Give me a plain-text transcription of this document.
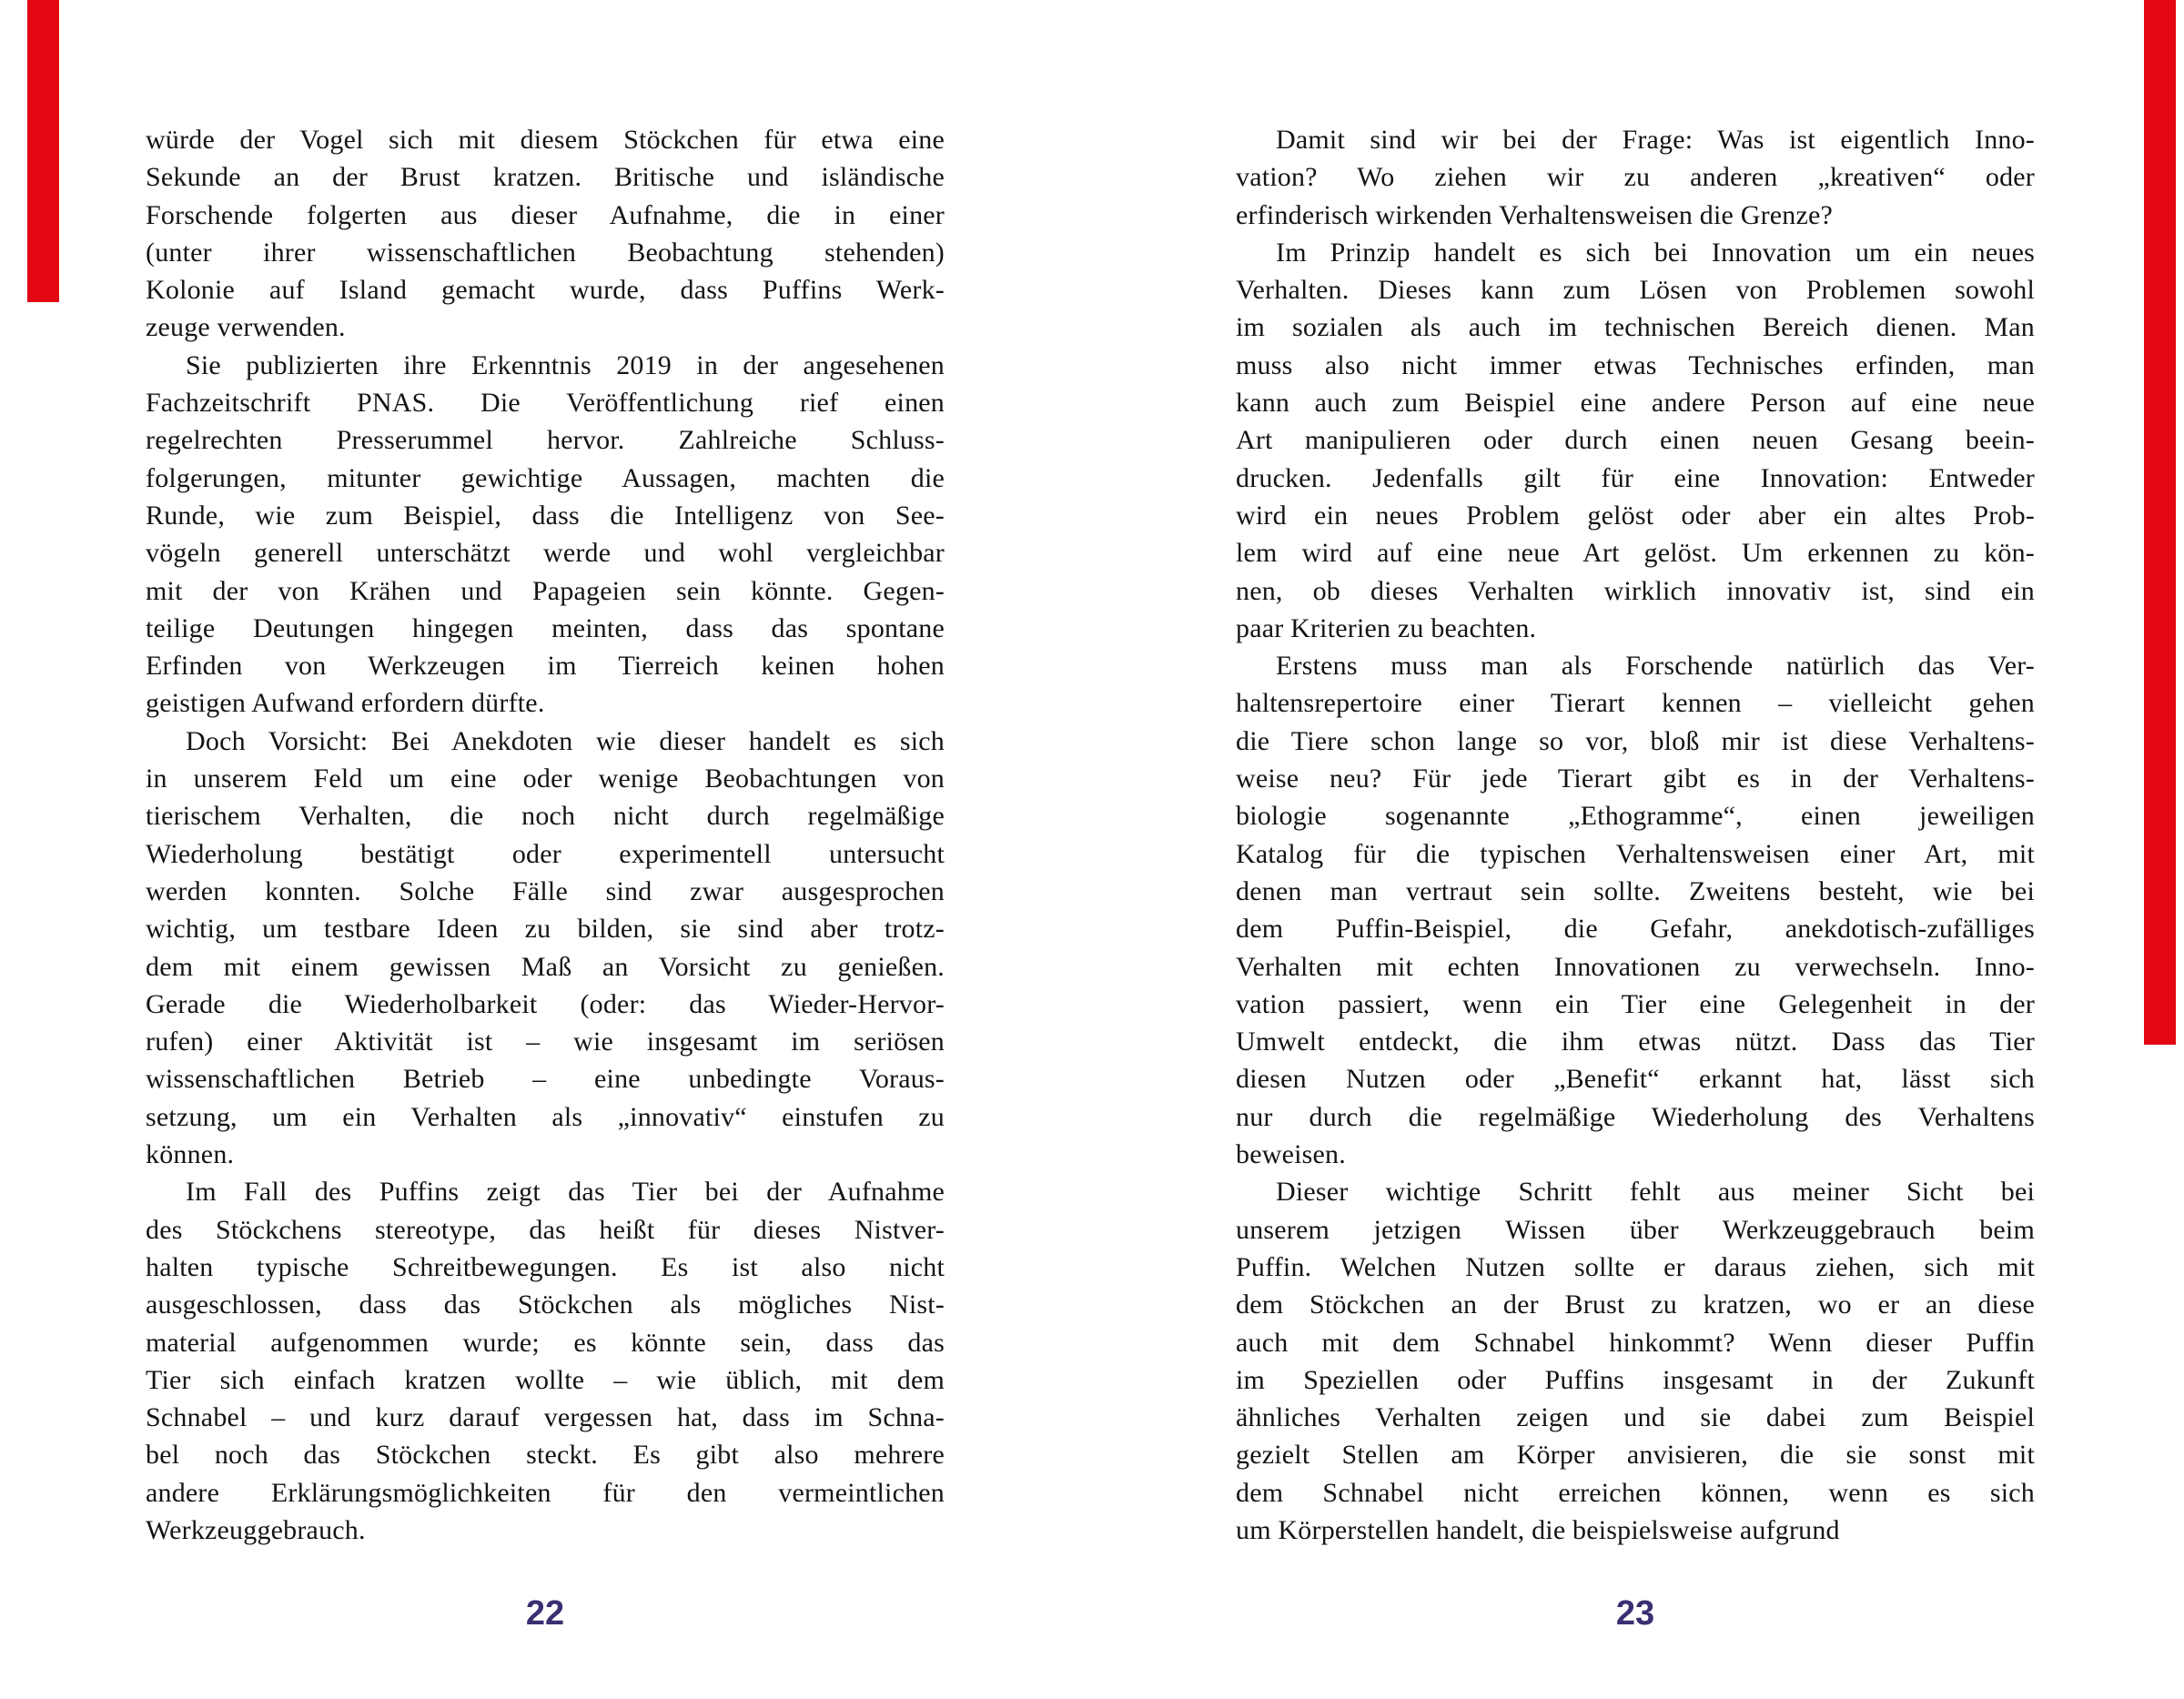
würde der Vogel sich mit diesem Stöckchen für etwa eine
Sekunde an der Brust kratzen. Britische und isländische
Forschende folgerten aus dieser Aufnahme, die in einer
(unter ihrer wissenschaftlichen Beobachtung stehenden)
Kolonie auf Island gemacht wurde, dass Puffins Werk-
zeuge verwenden.
Sie publizierten ihre Erkenntnis 2019 in der angesehenen
Fachzeitschrift PNAS. Die Veröffentlichung rief einen
regelrechten Presserummel hervor. Zahlreiche Schluss-
folgerungen, mitunter gewichtige Aussagen, machten die
Runde, wie zum Beispiel, dass die Intelligenz von See-
vögeln generell unterschätzt werde und wohl vergleichbar
mit der von Krähen und Papageien sein könnte. Gegen-
teilige Deutungen hingegen meinten, dass das spontane
Erfinden von Werkzeugen im Tierreich keinen hohen
geistigen Aufwand erfordern dürfte.
Doch Vorsicht: Bei Anekdoten wie dieser handelt es sich
in unserem Feld um eine oder wenige Beobachtungen von
tierischem Verhalten, die noch nicht durch regelmäßige
Wiederholung bestätigt oder experimentell untersucht
werden konnten. Solche Fälle sind zwar ausgesprochen
wichtig, um testbare Ideen zu bilden, sie sind aber trotz-
dem mit einem gewissen Maß an Vorsicht zu genießen.
Gerade die Wiederholbarkeit (oder: das Wieder-Hervor-
rufen) einer Aktivität ist – wie insgesamt im seriösen
wissenschaftlichen Betrieb – eine unbedingte Voraus-
setzung, um ein Verhalten als „innovativ“ einstufen zu
können.
Im Fall des Puffins zeigt das Tier bei der Aufnahme
des Stöckchens stereotype, das heißt für dieses Nistver-
halten typische Schreitbewegungen. Es ist also nicht
ausgeschlossen, dass das Stöckchen als mögliches Nist-
material aufgenommen wurde; es könnte sein, dass das
Tier sich einfach kratzen wollte – wie üblich, mit dem
Schnabel – und kurz darauf vergessen hat, dass im Schna-
bel noch das Stöckchen steckt. Es gibt also mehrere
andere Erklärungsmöglichkeiten für den vermeintlichen
Werkzeuggebrauch.
Damit sind wir bei der Frage: Was ist eigentlich Inno-
vation? Wo ziehen wir zu anderen „kreativen“ oder
erfinderisch wirkenden Verhaltensweisen die Grenze?
Im Prinzip handelt es sich bei Innovation um ein neues
Verhalten. Dieses kann zum Lösen von Problemen sowohl
im sozialen als auch im technischen Bereich dienen. Man
muss also nicht immer etwas Technisches erfinden, man
kann auch zum Beispiel eine andere Person auf eine neue
Art manipulieren oder durch einen neuen Gesang beein-
drucken. Jedenfalls gilt für eine Innovation: Entweder
wird ein neues Problem gelöst oder aber ein altes Prob-
lem wird auf eine neue Art gelöst. Um erkennen zu kön-
nen, ob dieses Verhalten wirklich innovativ ist, sind ein
paar Kriterien zu beachten.
Erstens muss man als Forschende natürlich das Ver-
haltensrepertoire einer Tierart kennen – vielleicht gehen
die Tiere schon lange so vor, bloß mir ist diese Verhaltens-
weise neu? Für jede Tierart gibt es in der Verhaltens-
biologie sogenannte „Ethogramme“, einen jeweiligen
Katalog für die typischen Verhaltensweisen einer Art, mit
denen man vertraut sein sollte. Zweitens besteht, wie bei
dem Puffin-Beispiel, die Gefahr, anekdotisch-zufälliges
Verhalten mit echten Innovationen zu verwechseln. Inno-
vation passiert, wenn ein Tier eine Gelegenheit in der
Umwelt entdeckt, die ihm etwas nützt. Dass das Tier
diesen Nutzen oder „Benefit“ erkannt hat, lässt sich
nur durch die regelmäßige Wiederholung des Verhaltens
beweisen.
Dieser wichtige Schritt fehlt aus meiner Sicht bei
unserem jetzigen Wissen über Werkzeuggebrauch beim
Puffin. Welchen Nutzen sollte er daraus ziehen, sich mit
dem Stöckchen an der Brust zu kratzen, wo er an diese
auch mit dem Schnabel hinkommt? Wenn dieser Puffin
im Speziellen oder Puffins insgesamt in der Zukunft
ähnliches Verhalten zeigen und sie dabei zum Beispiel
gezielt Stellen am Körper anvisieren, die sie sonst mit
dem Schnabel nicht erreichen können, wenn es sich
um Körperstellen handelt, die beispielsweise aufgrund
22	23
